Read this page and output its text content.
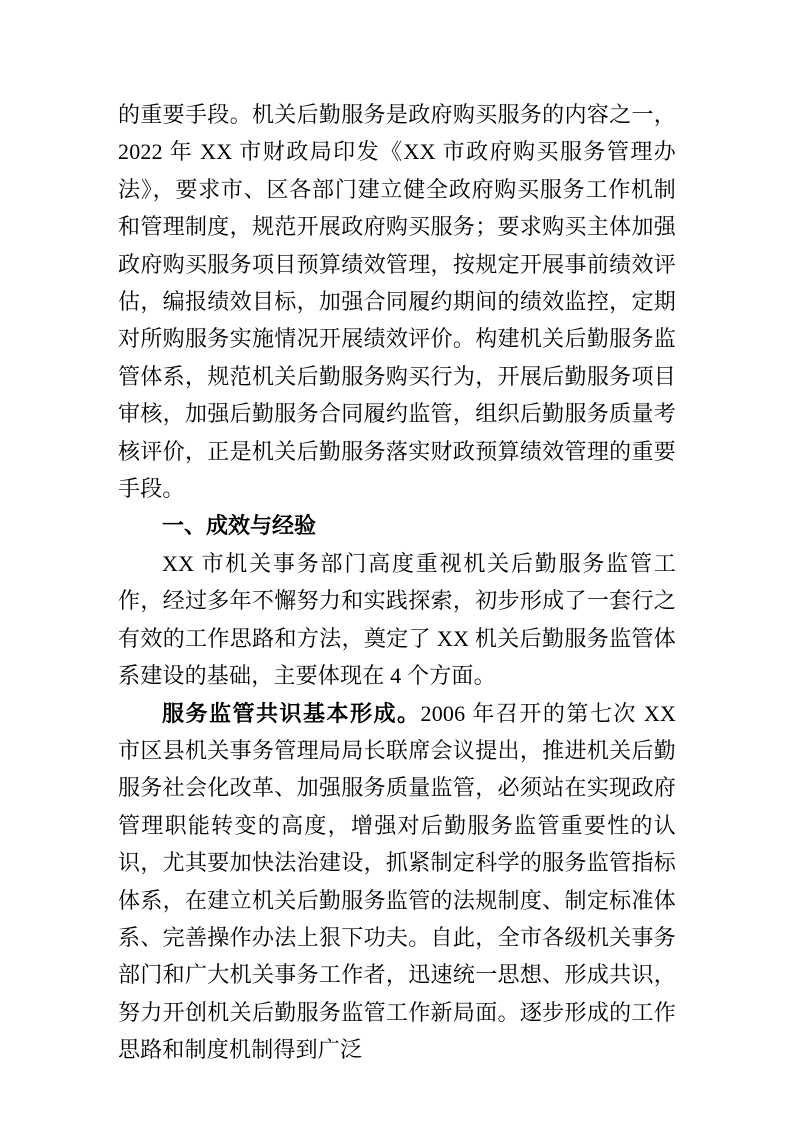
的重要手段。机关后勤服务是政府购买服务的内容之一，2022 年 XX 市财政局印发《XX 市政府购买服务管理办法》，要求市、区各部门建立健全政府购买服务工作机制和管理制度，规范开展政府购买服务；要求购买主体加强政府购买服务项目预算绩效管理，按规定开展事前绩效评估，编报绩效目标，加强合同履约期间的绩效监控，定期对所购服务实施情况开展绩效评价。构建机关后勤服务监管体系，规范机关后勤服务购买行为，开展后勤服务项目审核，加强后勤服务合同履约监管，组织后勤服务质量考核评价，正是机关后勤服务落实财政预算绩效管理的重要手段。

一、成效与经验

XX 市机关事务部门高度重视机关后勤服务监管工作，经过多年不懈努力和实践探索，初步形成了一套行之有效的工作思路和方法，奠定了 XX 机关后勤服务监管体系建设的基础，主要体现在 4 个方面。

服务监管共识基本形成。2006 年召开的第七次 XX 市区县机关事务管理局局长联席会议提出，推进机关后勤服务社会化改革、加强服务质量监管，必须站在实现政府管理职能转变的高度，增强对后勤服务监管重要性的认识，尤其要加快法治建设，抓紧制定科学的服务监管指标体系，在建立机关后勤服务监管的法规制度、制定标准体系、完善操作办法上狠下功夫。自此，全市各级机关事务部门和广大机关事务工作者，迅速统一思想、形成共识，努力开创机关后勤服务监管工作新局面。逐步形成的工作思路和制度机制得到广泛
